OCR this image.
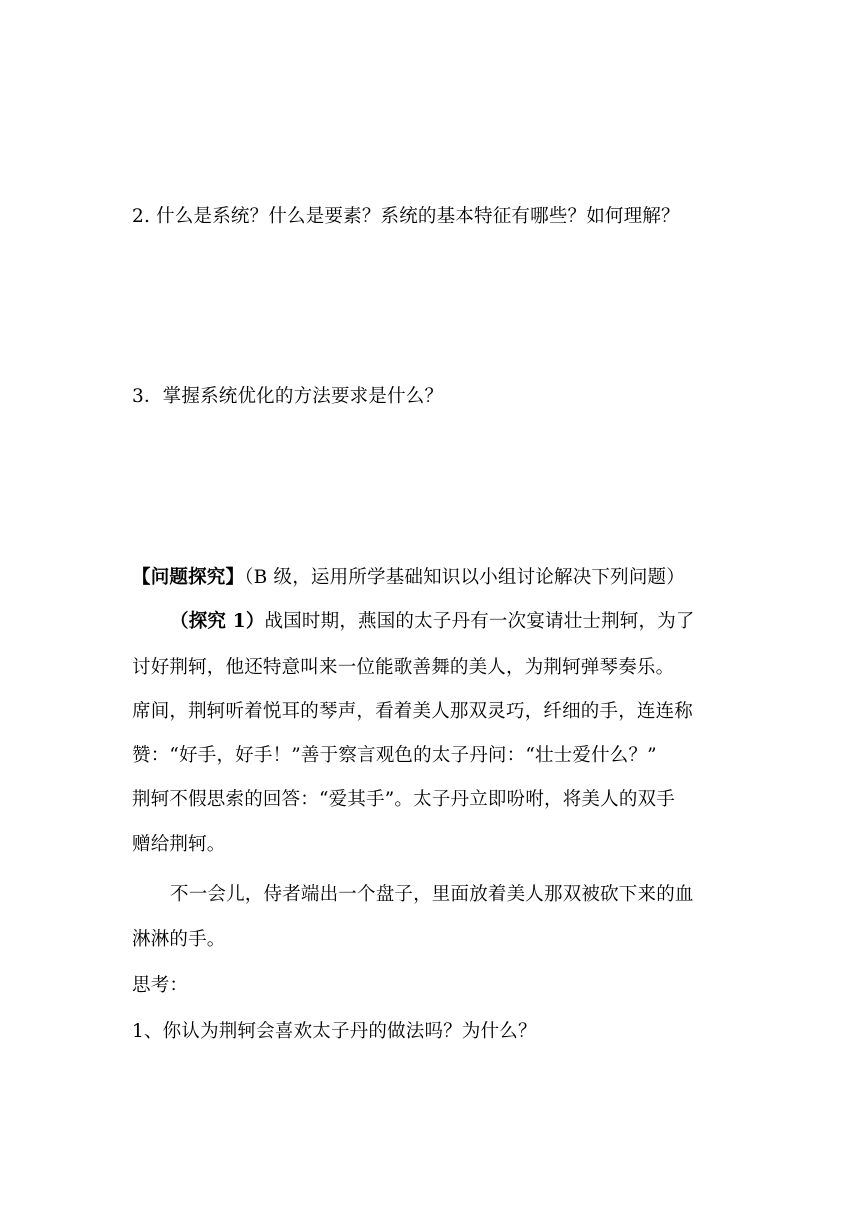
2. 什么是系统？什么是要素？系统的基本特征有哪些？如何理解？
3．掌握系统优化的方法要求是什么？
【问题探究】（B 级，运用所学基础知识以小组讨论解决下列问题）
（探究 1）战国时期，燕国的太子丹有一次宴请壮士荆轲，为了
讨好荆轲，他还特意叫来一位能歌善舞的美人，为荆轲弹琴奏乐。
席间，荆轲听着悦耳的琴声，看着美人那双灵巧，纤细的手，连连称
赞：“好手，好手！”善于察言观色的太子丹问：“壮士爱什么？”
荆轲不假思索的回答：“爱其手”。太子丹立即吩咐，将美人的双手
赠给荆轲。
不一会儿，侍者端出一个盘子，里面放着美人那双被砍下来的血
淋淋的手。
思考：
1、你认为荆轲会喜欢太子丹的做法吗？为什么？
